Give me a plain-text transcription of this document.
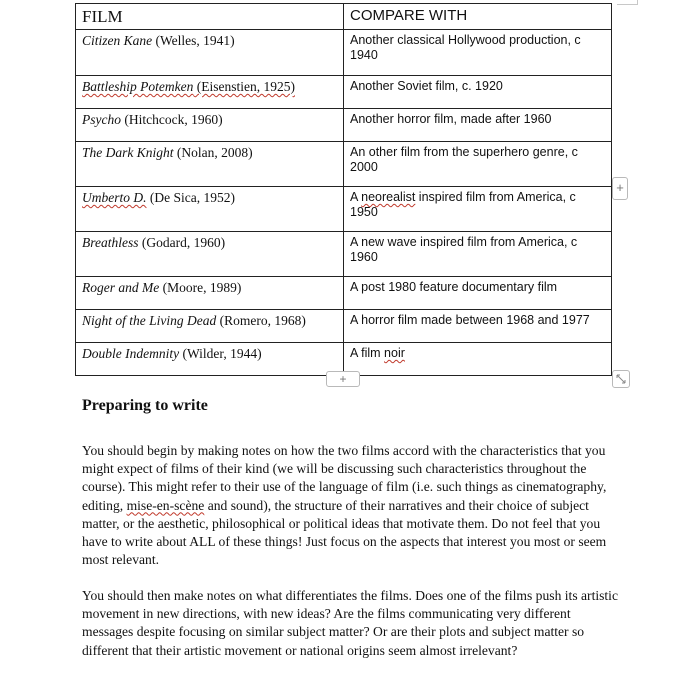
FILM	COMPARE WITH
Citizen Kane (Welles, 1941)	Another classical Hollywood production, c 1940
Battleship Potemken (Eisenstien, 1925)	Another Soviet film, c. 1920
Psycho (Hitchcock, 1960)	Another horror film, made after 1960
The Dark Knight (Nolan, 2008)	An other film from the superhero genre, c 2000
Umberto D. (De Sica, 1952)	A neorealist inspired film from America, c 1950
Breathless (Godard, 1960)	A new wave inspired film from America, c 1960
Roger and Me (Moore, 1989)	A post 1980 feature documentary film
Night of the Living Dead (Romero, 1968)	A horror film made between 1968 and 1977
Double Indemnity (Wilder, 1944)	A film noir
+
+
Preparing to write

You should begin by making notes on how the two films accord with the characteristics that you might expect of films of their kind (we will be discussing such characteristics throughout the course). This might refer to their use of the language of film (i.e. such things as cinematography, editing, mise-en-scène and sound), the structure of their narratives and their choice of subject matter, or the aesthetic, philosophical or political ideas that motivate them. Do not feel that you have to write about ALL of these things! Just focus on the aspects that interest you most or seem most relevant.

You should then make notes on what differentiates the films. Does one of the films push its artistic movement in new directions, with new ideas? Are the films communicating very different messages despite focusing on similar subject matter? Or are their plots and subject matter so different that their artistic movement or national origins seem almost irrelevant?
